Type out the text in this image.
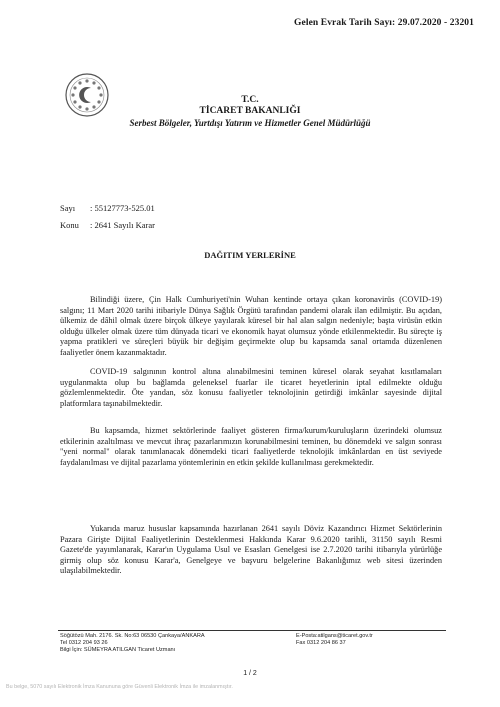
Gelen Evrak Tarih Sayı: 29.07.2020 - 23201
T.C.
TİCARET BAKANLIĞI
Serbest Bölgeler, Yurtdışı Yatırım ve Hizmetler Genel Müdürlüğü
Sayı : 55127773-525.01
Konu : 2641 Sayılı Karar
DAĞITIM YERLERİNE

Bilindiği üzere, Çin Halk Cumhuriyeti'nin Wuhan kentinde ortaya çıkan koronavirüs (COVID-19) salgını; 11 Mart 2020 tarihi itibariyle Dünya Sağlık Örgütü tarafından pandemi olarak ilan edilmiştir. Bu açıdan, ülkemiz de dâhil olmak üzere birçok ülkeye yayılarak küresel bir hal alan salgın nedeniyle; başta virüsün etkin olduğu ülkeler olmak üzere tüm dünyada ticari ve ekonomik hayat olumsuz yönde etkilenmektedir. Bu süreçte iş yapma pratikleri ve süreçleri büyük bir değişim geçirmekte olup bu kapsamda sanal ortamda düzenlenen faaliyetler önem kazanmaktadır.

COVID-19 salgınının kontrol altına alınabilmesini teminen küresel olarak seyahat kısıtlamaları uygulanmakta olup bu bağlamda geleneksel fuarlar ile ticaret heyetlerinin iptal edilmekte olduğu gözlemlenmektedir. Öte yandan, söz konusu faaliyetler teknolojinin getirdiği imkânlar sayesinde dijital platformlara taşınabilmektedir.

Bu kapsamda, hizmet sektörlerinde faaliyet gösteren firma/kurum/kuruluşların üzerindeki olumsuz etkilerinin azaltılması ve mevcut ihraç pazarlarımızın korunabilmesini teminen, bu dönemdeki ve salgın sonrası "yeni normal" olarak tanımlanacak dönemdeki ticari faaliyetlerde teknolojik imkânlardan en üst seviyede faydalanılması ve dijital pazarlama yöntemlerinin en etkin şekilde kullanılması gerekmektedir.

Yukarıda maruz hususlar kapsamında hazırlanan 2641 sayılı Döviz Kazandırıcı Hizmet Sektörlerinin Pazara Girişte Dijital Faaliyetlerinin Desteklenmesi Hakkında Karar 9.6.2020 tarihli, 31150 sayılı Resmi Gazete'de yayımlanarak, Karar'ın Uygulama Usul ve Esasları Genelgesi ise 2.7.2020 tarihi itibarıyla yürürlüğe girmiş olup söz konusu Karar'a, Genelgeye ve başvuru belgelerine Bakanlığımız web sitesi üzerinden ulaşılabilmektedir.

Söğütözü Mah. 2176. Sk. No:63 06530 Çankaya/ANKARA
Tel 0312 204 93 26
Bilgi İçin: SÜMEYRA ATILGAN Ticaret Uzmanı
E-Posta:atilgans@ticaret.gov.tr
Fax 0312 204 86 37
1 / 2
Bu belge, 5070 sayılı Elektronik İmza Kanununa göre Güvenli Elektronik İmza ile imzalanmıştır.
